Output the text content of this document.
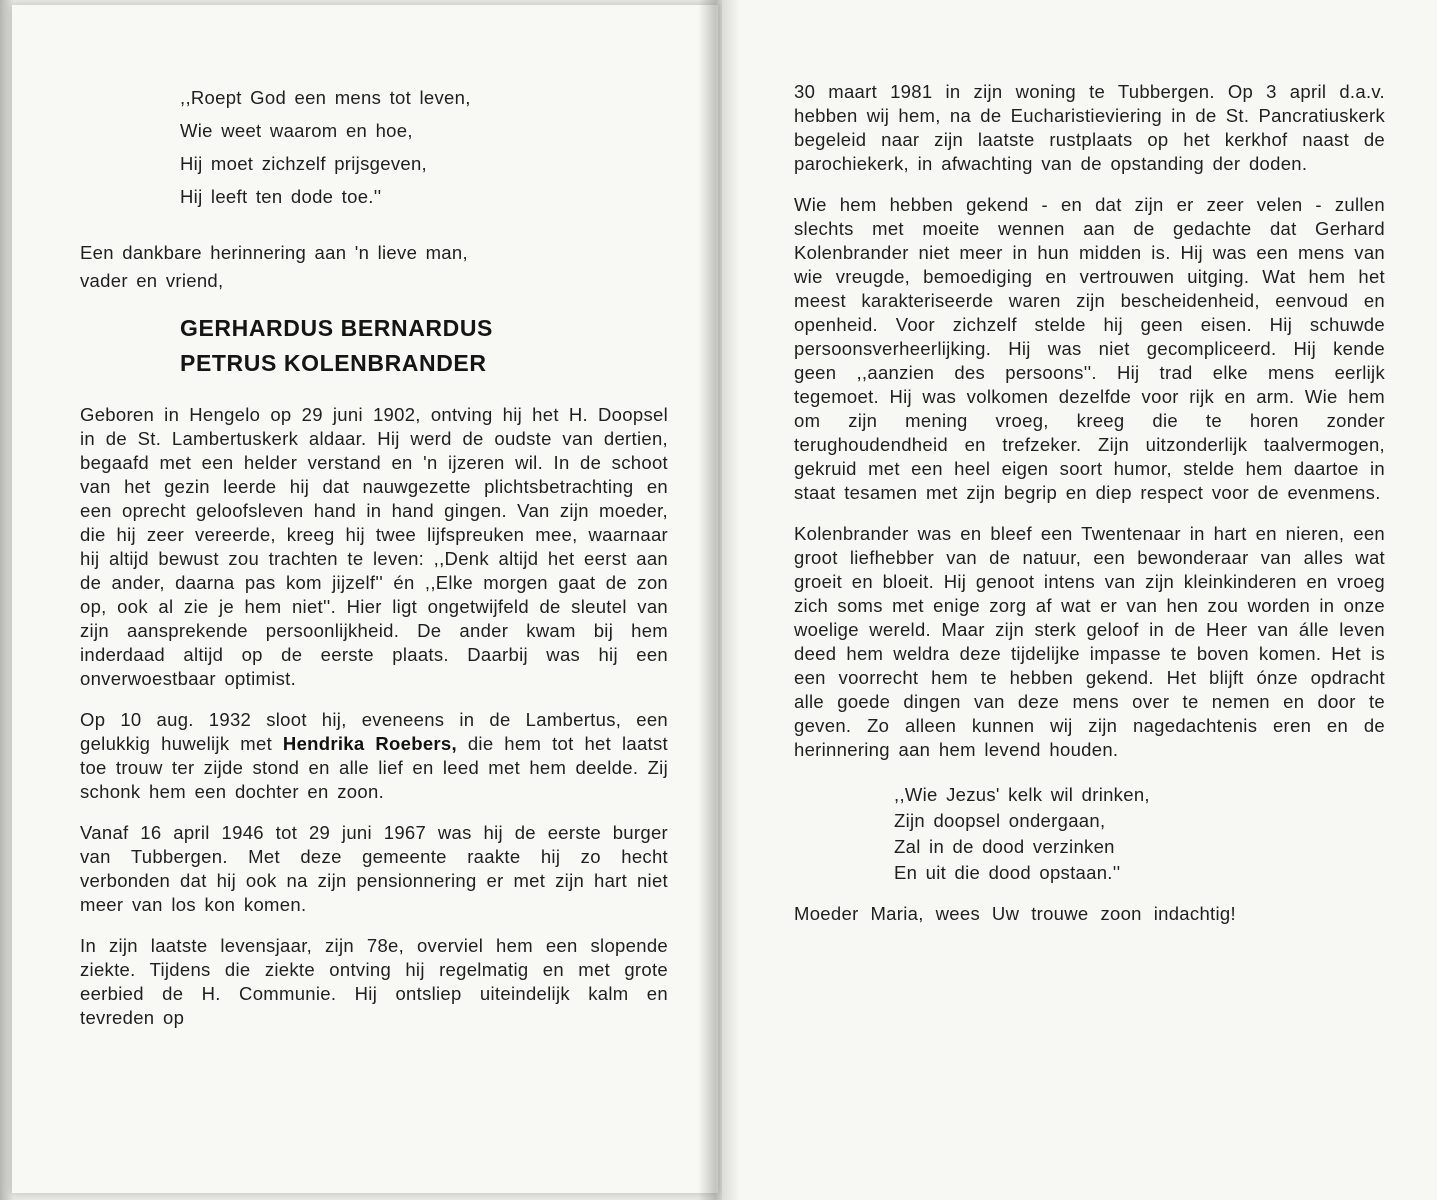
,,Roept God een mens tot leven,
Wie weet waarom en hoe,
Hij moet zichzelf prijsgeven,
Hij leeft ten dode toe.''
Een dankbare herinnering aan 'n lieve man,
vader en vriend,
GERHARDUS BERNARDUS
PETRUS KOLENBRANDER

Geboren in Hengelo op 29 juni 1902, ontving hij het H. Doopsel in de St. Lambertuskerk aldaar. Hij werd de oudste van dertien, begaafd met een helder verstand en 'n ijzeren wil. In de schoot van het gezin leerde hij dat nauwgezette plichtsbetrachting en een oprecht geloofsleven hand in hand gingen. Van zijn moeder, die hij zeer vereerde, kreeg hij twee lijfspreuken mee, waarnaar hij altijd bewust zou trachten te leven: ,,Denk altijd het eerst aan de ander, daarna pas kom jijzelf'' én ,,Elke morgen gaat de zon op, ook al zie je hem niet''. Hier ligt ongetwijfeld de sleutel van zijn aansprekende persoonlijkheid. De ander kwam bij hem inderdaad altijd op de eerste plaats. Daarbij was hij een onverwoestbaar optimist.

Op 10 aug. 1932 sloot hij, eveneens in de Lambertus, een gelukkig huwelijk met Hendrika Roebers, die hem tot het laatst toe trouw ter zijde stond en alle lief en leed met hem deelde. Zij schonk hem een dochter en zoon.

Vanaf 16 april 1946 tot 29 juni 1967 was hij de eerste burger van Tubbergen. Met deze gemeente raakte hij zo hecht verbonden dat hij ook na zijn pensionnering er met zijn hart niet meer van los kon komen.

In zijn laatste levensjaar, zijn 78e, overviel hem een slopende ziekte. Tijdens die ziekte ontving hij regelmatig en met grote eerbied de H. Communie. Hij ontsliep uiteindelijk kalm en tevreden op

30 maart 1981 in zijn woning te Tubbergen. Op 3 april d.a.v. hebben wij hem, na de Eucharistieviering in de St. Pancratiuskerk begeleid naar zijn laatste rustplaats op het kerkhof naast de parochiekerk, in afwachting van de opstanding der doden.

Wie hem hebben gekend - en dat zijn er zeer velen - zullen slechts met moeite wennen aan de gedachte dat Gerhard Kolenbrander niet meer in hun midden is. Hij was een mens van wie vreugde, bemoediging en vertrouwen uitging. Wat hem het meest karakteriseerde waren zijn bescheidenheid, eenvoud en openheid. Voor zichzelf stelde hij geen eisen. Hij schuwde persoonsverheerlijking. Hij was niet gecompliceerd. Hij kende geen ,,aanzien des persoons''. Hij trad elke mens eerlijk tegemoet. Hij was volkomen dezelfde voor rijk en arm. Wie hem om zijn mening vroeg, kreeg die te horen zonder terughoudendheid en trefzeker. Zijn uitzonderlijk taalvermogen, gekruid met een heel eigen soort humor, stelde hem daartoe in staat tesamen met zijn begrip en diep respect voor de evenmens.

Kolenbrander was en bleef een Twentenaar in hart en nieren, een groot liefhebber van de natuur, een bewonderaar van alles wat groeit en bloeit. Hij genoot intens van zijn kleinkinderen en vroeg zich soms met enige zorg af wat er van hen zou worden in onze woelige wereld. Maar zijn sterk geloof in de Heer van álle leven deed hem weldra deze tijdelijke impasse te boven komen. Het is een voorrecht hem te hebben gekend. Het blijft ónze opdracht alle goede dingen van deze mens over te nemen en door te geven. Zo alleen kunnen wij zijn nagedachtenis eren en de herinnering aan hem levend houden.

,,Wie Jezus' kelk wil drinken,
Zijn doopsel ondergaan,
Zal in de dood verzinken
En uit die dood opstaan.''

Moeder Maria, wees Uw trouwe zoon indachtig!
